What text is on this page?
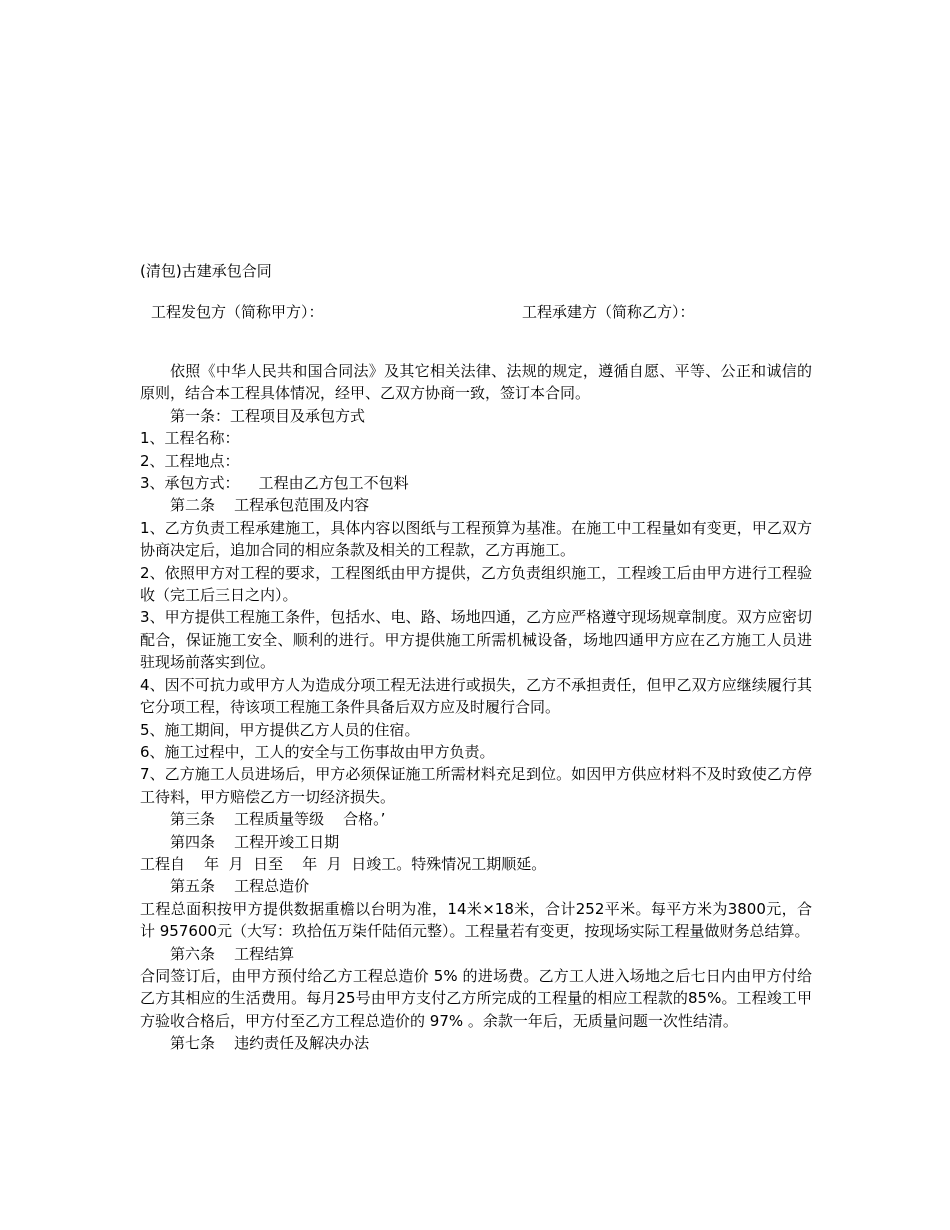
(清包)古建承包合同
工程发包方（简称甲方）：	工程承建方（简称乙方）：

依照《中华人民共和国合同法》及其它相关法律、法规的规定，遵循自愿、平等、公正和诚信的原则，结合本工程具体情况，经甲、乙双方协商一致，签订本合同。

第一条：工程项目及承包方式

1、工程名称：

2、工程地点：

3、承包方式：    工程由乙方包工不包料

第二条    工程承包范围及内容

1、乙方负责工程承建施工，具体内容以图纸与工程预算为基准。在施工中工程量如有变更，甲乙双方协商决定后，追加合同的相应条款及相关的工程款，乙方再施工。

2、依照甲方对工程的要求，工程图纸由甲方提供，乙方负责组织施工，工程竣工后由甲方进行工程验收（完工后三日之内）。

3、甲方提供工程施工条件，包括水、电、路、场地四通，乙方应严格遵守现场规章制度。双方应密切配合，保证施工安全、顺利的进行。甲方提供施工所需机械设备，场地四通甲方应在乙方施工人员进驻现场前落实到位。

4、因不可抗力或甲方人为造成分项工程无法进行或损失，乙方不承担责任，但甲乙双方应继续履行其它分项工程，待该项工程施工条件具备后双方应及时履行合同。

5、施工期间，甲方提供乙方人员的住宿。

6、施工过程中，工人的安全与工伤事故由甲方负责。

7、乙方施工人员进场后，甲方必须保证施工所需材料充足到位。如因甲方供应材料不及时致使乙方停工待料，甲方赔偿乙方一切经济损失。

第三条    工程质量等级    合格。’

第四条    工程开竣工日期

工程自    年  月  日至    年  月  日竣工。特殊情况工期顺延。

第五条    工程总造价

工程总面积按甲方提供数据重檐以台明为准，14米×18米，合计252平米。每平方米为3800元，合计 957600元（大写：玖拾伍万柒仟陆佰元整）。工程量若有变更，按现场实际工程量做财务总结算。

第六条    工程结算

合同签订后，由甲方预付给乙方工程总造价 5% 的进场费。乙方工人进入场地之后七日内由甲方付给乙方其相应的生活费用。每月25号由甲方支付乙方所完成的工程量的相应工程款的85%。工程竣工甲方验收合格后，甲方付至乙方工程总造价的 97% 。余款一年后，无质量问题一次性结清。

第七条    违约责任及解决办法
